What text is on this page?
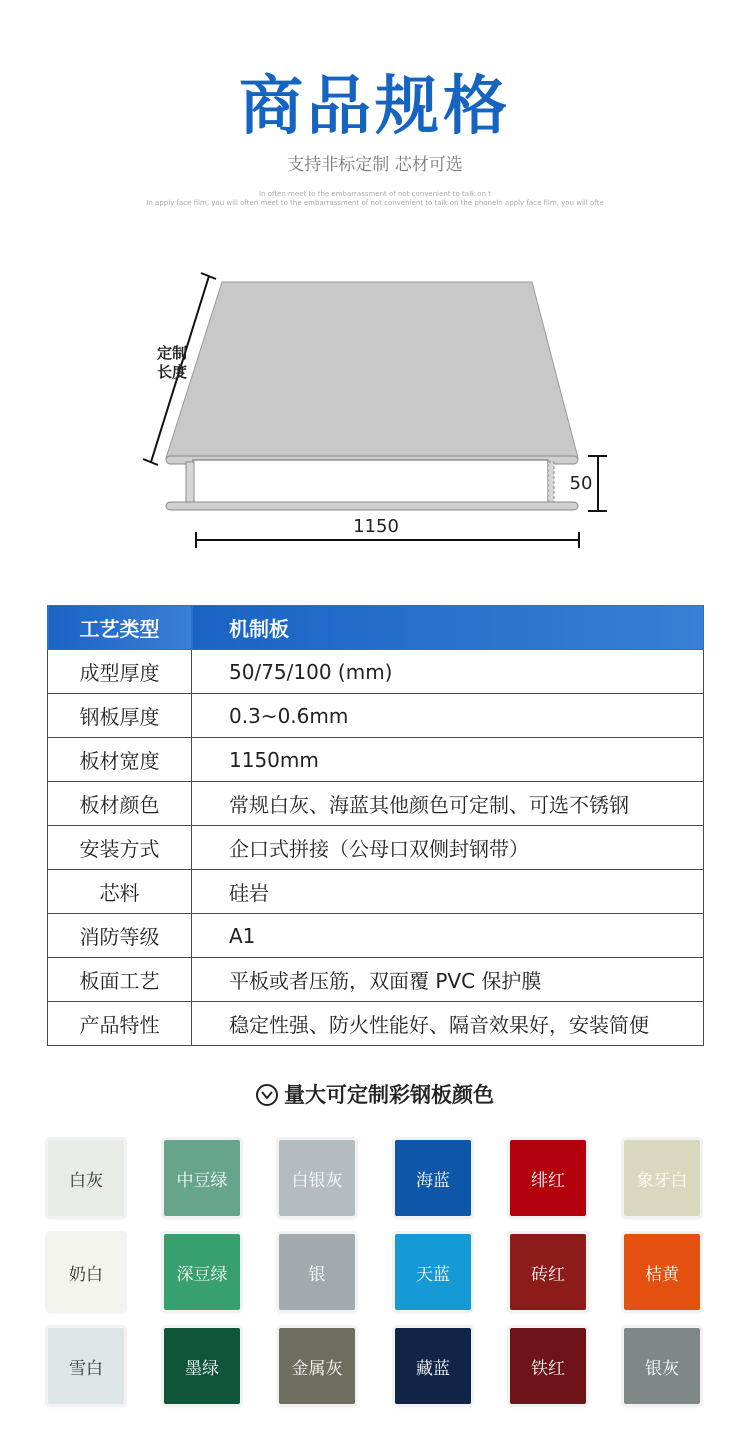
商品规格
支持非标定制 芯材可选
In often meet to the embarrassment of not convenient to talk on t
In apply face film, you will often meet to the embarrassment of not convenient to talk on the phoneln apply face film, you will ofte
定制
长度
1150
50
工艺类型	机制板
成型厚度	50/75/100 (mm)
钢板厚度	0.3~0.6mm
板材宽度	1150mm
板材颜色	常规白灰、海蓝其他颜色可定制、可选不锈钢
安装方式	企口式拼接（公母口双侧封钢带）
芯料	硅岩
消防等级	A1
板面工艺	平板或者压筋，双面覆 PVC 保护膜
产品特性	稳定性强、防火性能好、隔音效果好，安装简便
量大可定制彩钢板颜色
白灰	中豆绿	白银灰	海蓝	绯红	象牙白
奶白	深豆绿	银	天蓝	砖红	桔黄
雪白	墨绿	金属灰	藏蓝	铁红	银灰
